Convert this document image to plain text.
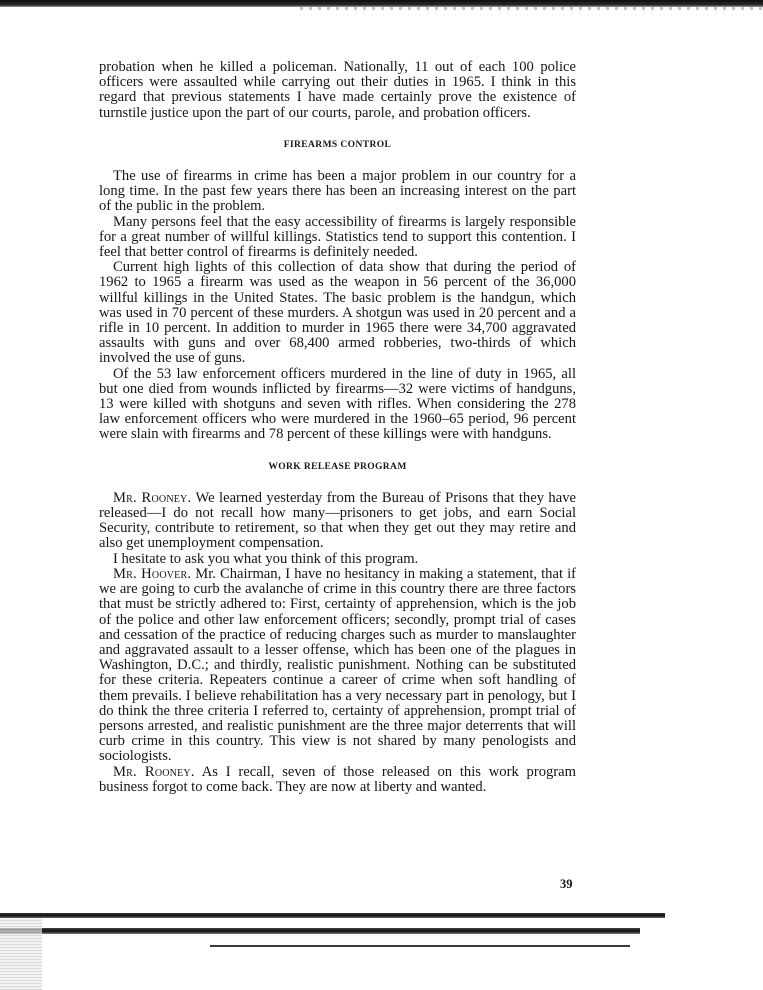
probation when he killed a policeman. Nationally, 11 out of each 100 police officers were assaulted while carrying out their duties in 1965. I think in this regard that previous statements I have made certainly prove the existence of turnstile justice upon the part of our courts, parole, and probation officers.

FIREARMS CONTROL

The use of firearms in crime has been a major problem in our country for a long time. In the past few years there has been an increasing interest on the part of the public in the problem.

Many persons feel that the easy accessibility of firearms is largely responsible for a great number of willful killings. Statistics tend to support this contention. I feel that better control of firearms is definitely needed.

Current high lights of this collection of data show that during the period of 1962 to 1965 a firearm was used as the weapon in 56 percent of the 36,000 willful killings in the United States. The basic problem is the handgun, which was used in 70 percent of these murders. A shotgun was used in 20 percent and a rifle in 10 percent. In addition to murder in 1965 there were 34,700 aggravated assaults with guns and over 68,400 armed robberies, two-thirds of which involved the use of guns.

Of the 53 law enforcement officers murdered in the line of duty in 1965, all but one died from wounds inflicted by firearms—32 were victims of handguns, 13 were killed with shotguns and seven with rifles. When considering the 278 law enforcement officers who were murdered in the 1960–65 period, 96 percent were slain with firearms and 78 percent of these killings were with handguns.

WORK RELEASE PROGRAM

Mr. Rooney. We learned yesterday from the Bureau of Prisons that they have released—I do not recall how many—prisoners to get jobs, and earn Social Security, contribute to retirement, so that when they get out they may retire and also get unemployment compensation.

I hesitate to ask you what you think of this program.

Mr. Hoover. Mr. Chairman, I have no hesitancy in making a statement, that if we are going to curb the avalanche of crime in this country there are three factors that must be strictly adhered to: First, certainty of apprehension, which is the job of the police and other law enforcement officers; secondly, prompt trial of cases and cessation of the practice of reducing charges such as murder to manslaughter and aggravated assault to a lesser offense, which has been one of the plagues in Washington, D.C.; and thirdly, realistic punishment. Nothing can be substituted for these criteria. Repeaters continue a career of crime when soft handling of them prevails. I believe rehabilitation has a very necessary part in penology, but I do think the three criteria I referred to, certainty of apprehension, prompt trial of persons arrested, and realistic punishment are the three major deterrents that will curb crime in this country. This view is not shared by many penologists and sociologists.

Mr. Rooney. As I recall, seven of those released on this work program business forgot to come back. They are now at liberty and wanted.

39
